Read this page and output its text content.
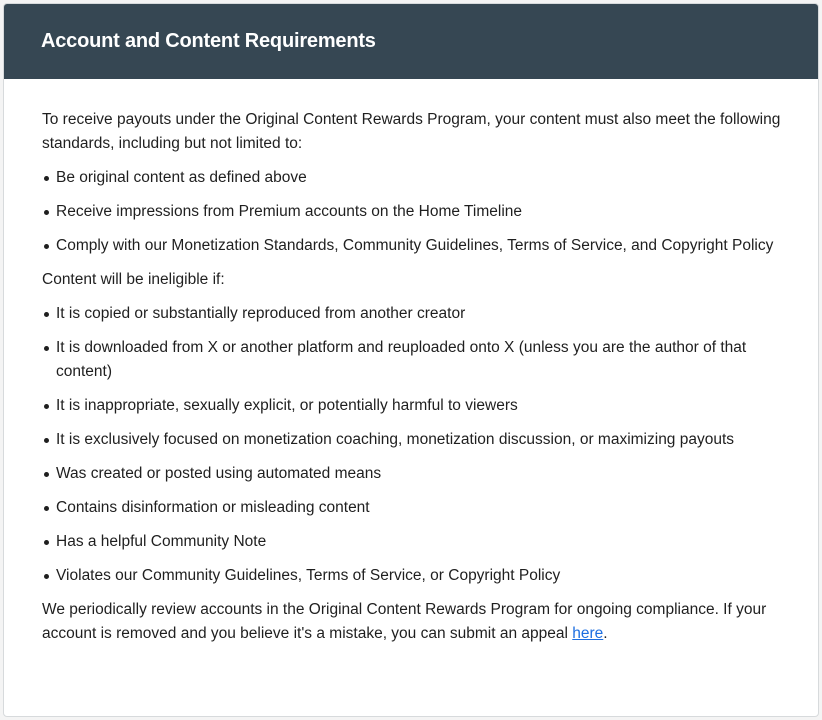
Account and Content Requirements

To receive payouts under the Original Content Rewards Program, your content must also meet the following standards, including but not limited to:

Be original content as defined above
Receive impressions from Premium accounts on the Home Timeline
Comply with our Monetization Standards, Community Guidelines, Terms of Service, and Copyright Policy

Content will be ineligible if:

It is copied or substantially reproduced from another creator
It is downloaded from X or another platform and reuploaded onto X (unless you are the author of that content)
It is inappropriate, sexually explicit, or potentially harmful to viewers
It is exclusively focused on monetization coaching, monetization discussion, or maximizing payouts
Was created or posted using automated means
Contains disinformation or misleading content
Has a helpful Community Note
Violates our Community Guidelines, Terms of Service, or Copyright Policy

We periodically review accounts in the Original Content Rewards Program for ongoing compliance. If your account is removed and you believe it's a mistake, you can submit an appeal here.
